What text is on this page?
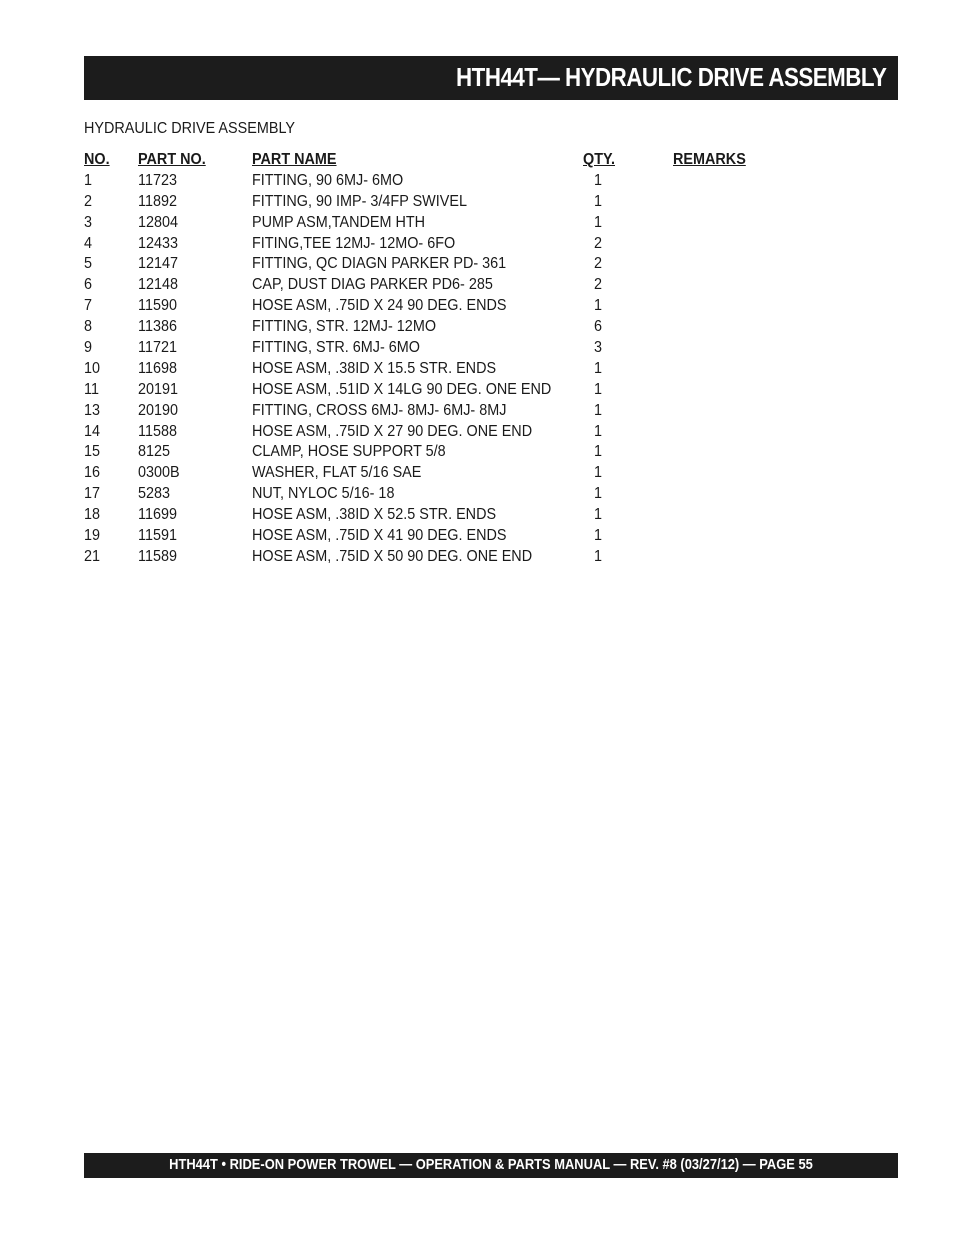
HTH44T— HYDRAULIC DRIVE ASSEMBLY
HYDRAULIC DRIVE ASSEMBLY
NO. PART NO.	PART NAME	QTY.	REMARKS
1	11723	FITTING, 90 6MJ- 6MO	1
2	11892	FITTING, 90 IMP- 3/4FP SWIVEL	1
3	12804	PUMP ASM,TANDEM HTH	1
4	12433	FITING,TEE 12MJ- 12MO- 6FO	2
5	12147	FITTING, QC DIAGN PARKER PD- 361	2
6	12148	CAP, DUST DIAG PARKER PD6- 285	2
7	11590	HOSE ASM, .75ID X 24 90 DEG. ENDS	1
8	11386	FITTING, STR. 12MJ- 12MO	6
9	11721	FITTING, STR. 6MJ- 6MO	3
10 11698	HOSE ASM, .38ID X 15.5 STR. ENDS	1
11 20191	HOSE ASM, .51ID X 14LG 90 DEG. ONE END	1
13 20190	FITTING, CROSS 6MJ- 8MJ- 6MJ- 8MJ	1
14 11588	HOSE ASM, .75ID X 27 90 DEG. ONE END	1
15 8125	CLAMP, HOSE SUPPORT 5/8	1
16 0300B	WASHER, FLAT 5/16 SAE	1
17 5283	NUT, NYLOC 5/16- 18	1
18 11699	HOSE ASM, .38ID X 52.5 STR. ENDS	1
19 11591	HOSE ASM, .75ID X 41 90 DEG. ENDS	1
21 11589	HOSE ASM, .75ID X 50 90 DEG. ONE END	1
HTH44T • RIDE-ON POWER TROWEL — OPERATION & PARTS MANUAL — REV. #8 (03/27/12) — PAGE 55
